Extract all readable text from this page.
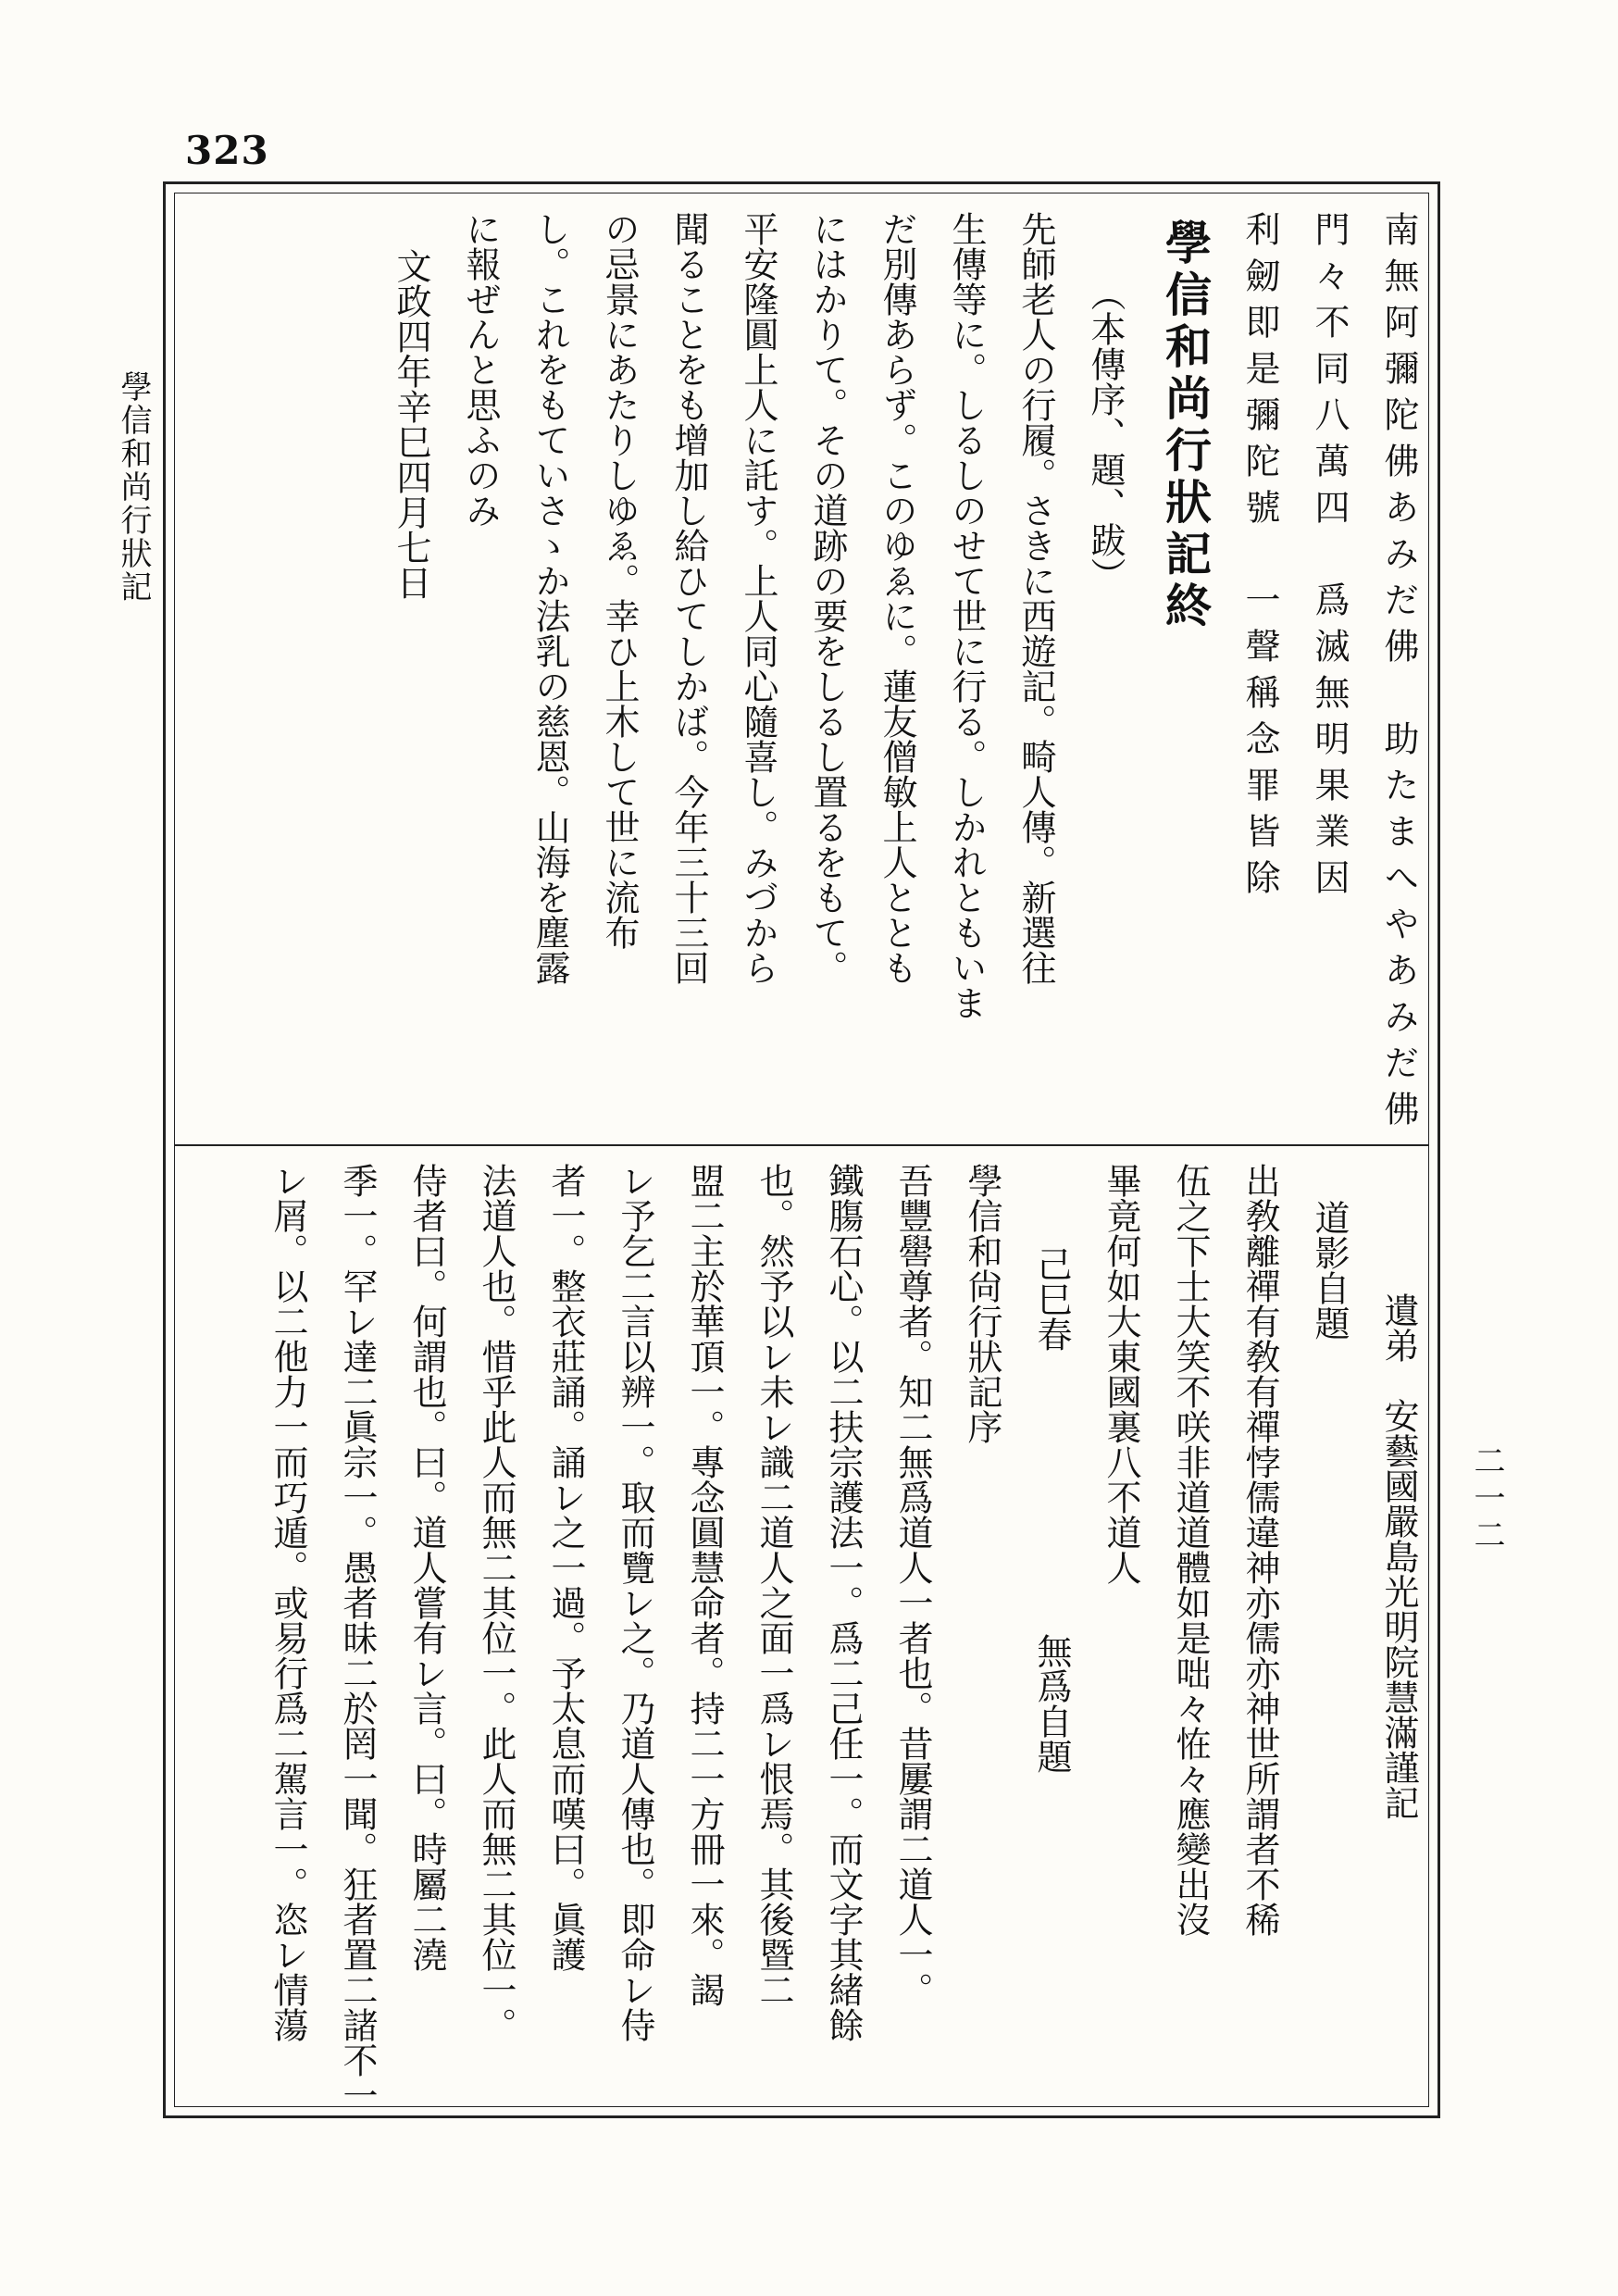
323
學信和尚行狀記
二一二
南無阿彌陀佛あみだ佛　助たまへやあみだ佛
門々不同八萬四　爲滅無明果業因
利劒即是彌陀號　一聲稱念罪皆除
學信和尚行狀記終
（本傳序、題、跋）
先師老人の行履。さきに西遊記。畸人傳。新選往
生傳等に。しるしのせて世に行る。しかれともいま
だ別傳あらず。このゆゑに。蓮友僧敏上人ととも
にはかりて。その道跡の要をしるし置るをもて。
平安隆圓上人に託す。上人同心隨喜し。みづから
聞ることをも增加し給ひてしかば。今年三十三回
の忌景にあたりしゆゑ。幸ひ上木して世に流布
し。これをもていさゝか法乳の慈恩。山海を塵露
に報ぜんと思ふのみ
文政四年辛巳四月七日
遺弟　安藝國嚴島光明院慧滿謹記
道影自題
出敎離禪有敎有禪悖儒違神亦儒亦神世所謂者不稀
伍之下士大笑不咲非道道體如是咄々恠々應變出沒
畢竟何如大東國裏八不道人
己巳春　　　　　　　　無爲自題
學信和尙行狀記序
吾豐嚳尊者。知二無爲道人一者也。昔屢謂二道人一。
鐵膓石心。以二扶宗護法一。爲二己任一。而文字其緒餘
也。然予以レ未レ識二道人之面一爲レ恨焉。其後暨二
盟二主於華頂一。專念圓慧命者。持二一方冊一來。謁
レ予乞二言以辨一。取而覽レ之。乃道人傳也。即命レ侍
者一。整衣莊誦。誦レ之一過。予太息而嘆曰。眞護
法道人也。惜乎此人而無二其位一。此人而無二其位一。
侍者曰。何謂也。曰。道人嘗有レ言。曰。時屬二澆
季一。罕レ達二眞宗一。愚者昧二於罔一聞。狂者置二諸不一
レ屑。以二他力一而巧遁。或易行爲二駕言一。恣レ情蕩
